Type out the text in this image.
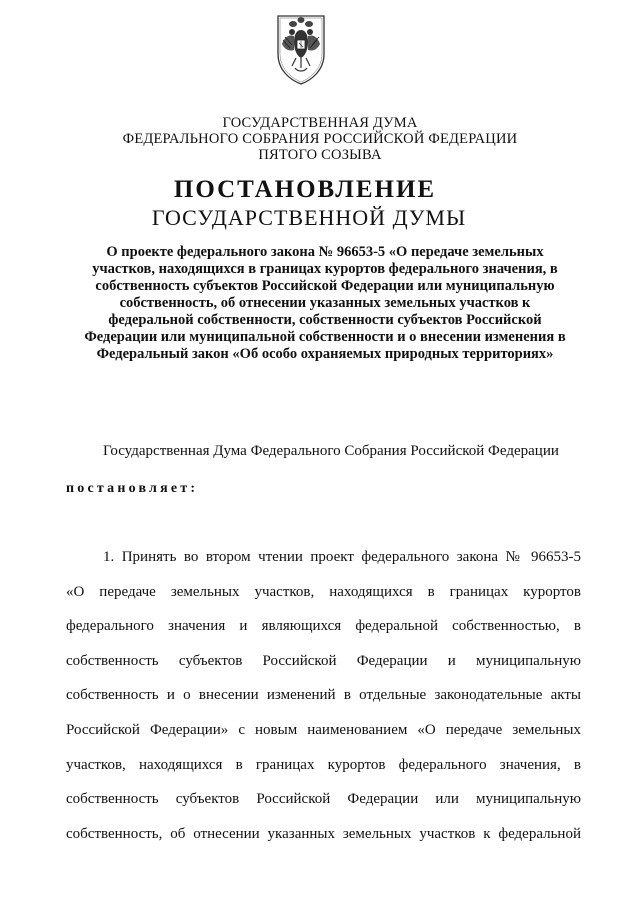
ГОСУДАРСТВЕННАЯ ДУМА
ФЕДЕРАЛЬНОГО СОБРАНИЯ РОССИЙСКОЙ ФЕДЕРАЦИИ
ПЯТОГО СОЗЫВА
ПОСТАНОВЛЕНИЕ
ГОСУДАРСТВЕННОЙ ДУМЫ
О проекте федерального закона № 96653-5 «О передаче земельных
участков, находящихся в границах курортов федерального значения, в
собственность субъектов Российской Федерации или муниципальную
собственность, об отнесении указанных земельных участков к
федеральной собственности, собственности субъектов Российской
Федерации или муниципальной собственности и о внесении изменения в
Федеральный закон «Об особо охраняемых природных территориях»
Государственная Дума Федерального Собрания Российской Федерации
постановляет:
1. Принять во втором чтении проект федерального закона № 96653-5
«О передаче земельных участков, находящихся в границах курортов
федерального значения и являющихся федеральной собственностью, в
собственность субъектов Российской Федерации и муниципальную
собственность и о внесении изменений в отдельные законодательные акты
Российской Федерации» с новым наименованием «О передаче земельных
участков, находящихся в границах курортов федерального значения, в
собственность субъектов Российской Федерации или муниципальную
собственность, об отнесении указанных земельных участков к федеральной
